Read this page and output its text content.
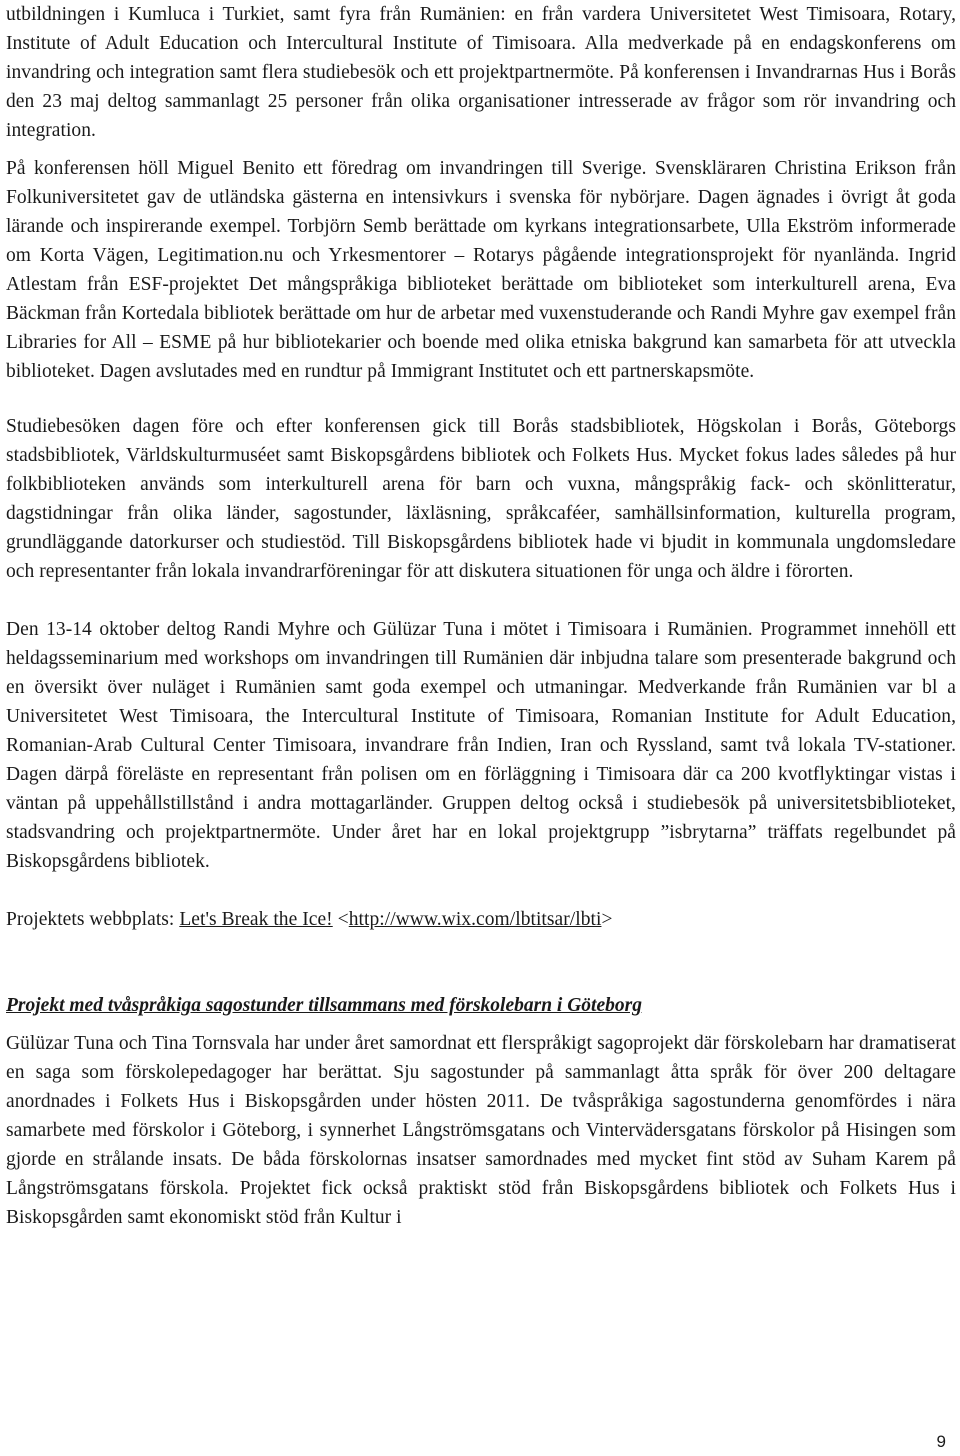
utbildningen i Kumluca i Turkiet, samt fyra från Rumänien: en från vardera Universitetet West Timisoara, Rotary, Institute of Adult Education och Intercultural Institute of Timisoara. Alla medverkade på en endagskonferens om invandring och integration samt flera studiebesök och ett projektpartnermöte. På konferensen i Invandrarnas Hus i Borås den 23 maj deltog sammanlagt 25 personer från olika organisationer intresserade av frågor som rör invandring och integration.

På konferensen höll Miguel Benito ett föredrag om invandringen till Sverige. Svenskläraren Christina Erikson från Folkuniversitetet gav de utländska gästerna en intensivkurs i svenska för nybörjare. Dagen ägnades i övrigt åt goda lärande och inspirerande exempel. Torbjörn Semb berättade om kyrkans integrationsarbete, Ulla Ekström informerade om Korta Vägen, Legitimation.nu och Yrkesmentorer – Rotarys pågående integrationsprojekt för nyanlända. Ingrid Atlestam från ESF-projektet Det mångspråkiga biblioteket berättade om biblioteket som interkulturell arena, Eva Bäckman från Kortedala bibliotek berättade om hur de arbetar med vuxenstuderande och Randi Myhre gav exempel från Libraries for All – ESME på hur bibliotekarier och boende med olika etniska bakgrund kan samarbeta för att utveckla biblioteket. Dagen avslutades med en rundtur på Immigrant Institutet och ett partnerskapsmöte.

Studiebesöken dagen före och efter konferensen gick till Borås stadsbibliotek, Högskolan i Borås, Göteborgs stadsbibliotek, Världskulturmuséet samt Biskopsgårdens bibliotek och Folkets Hus. Mycket fokus lades således på hur folkbiblioteken används som interkulturell arena för barn och vuxna, mångspråkig fack- och skönlitteratur, dagstidningar från olika länder, sagostunder, läxläsning, språkcaféer, samhällsinformation, kulturella program, grundläggande datorkurser och studiestöd. Till Biskopsgårdens bibliotek hade vi bjudit in kommunala ungdomsledare och representanter från lokala invandrarföreningar för att diskutera situationen för unga och äldre i förorten.

Den 13-14 oktober deltog Randi Myhre och Gülüzar Tuna i mötet i Timisoara i Rumänien. Programmet innehöll ett heldagsseminarium med workshops om invandringen till Rumänien där inbjudna talare som presenterade bakgrund och en översikt över nuläget i Rumänien samt goda exempel och utmaningar. Medverkande från Rumänien var bl a Universitetet West Timisoara, the Intercultural Institute of Timisoara, Romanian Institute for Adult Education, Romanian-Arab Cultural Center Timisoara, invandrare från Indien, Iran och Ryssland, samt två lokala TV-stationer. Dagen därpå föreläste en representant från polisen om en förläggning i Timisoara där ca 200 kvotflyktingar vistas i väntan på uppehållstillstånd i andra mottagarländer. Gruppen deltog också i studiebesök på universitetsbiblioteket, stadsvandring och projektpartnermöte. Under året har en lokal projektgrupp ”isbrytarna” träffats regelbundet på Biskopsgårdens bibliotek.

Projektets webbplats: Let's Break the Ice! <http://www.wix.com/lbtitsar/lbti>

Projekt med tvåspråkiga sagostunder tillsammans med förskolebarn i Göteborg

Gülüzar Tuna och Tina Tornsvala har under året samordnat ett flerspråkigt sagoprojekt där förskolebarn har dramatiserat en saga som förskolepedagoger har berättat. Sju sagostunder på sammanlagt åtta språk för över 200 deltagare anordnades i Folkets Hus i Biskopsgården under hösten 2011. De tvåspråkiga sagostunderna genomfördes i nära samarbete med förskolor i Göteborg, i synnerhet Långströmsgatans och Vintervädersgatans förskolor på Hisingen som gjorde en strålande insats. De båda förskolornas insatser samordnades med mycket fint stöd av Suham Karem på Långströmsgatans förskola. Projektet fick också praktiskt stöd från Biskopsgårdens bibliotek och Folkets Hus i Biskopsgården samt ekonomiskt stöd från Kultur i

9
